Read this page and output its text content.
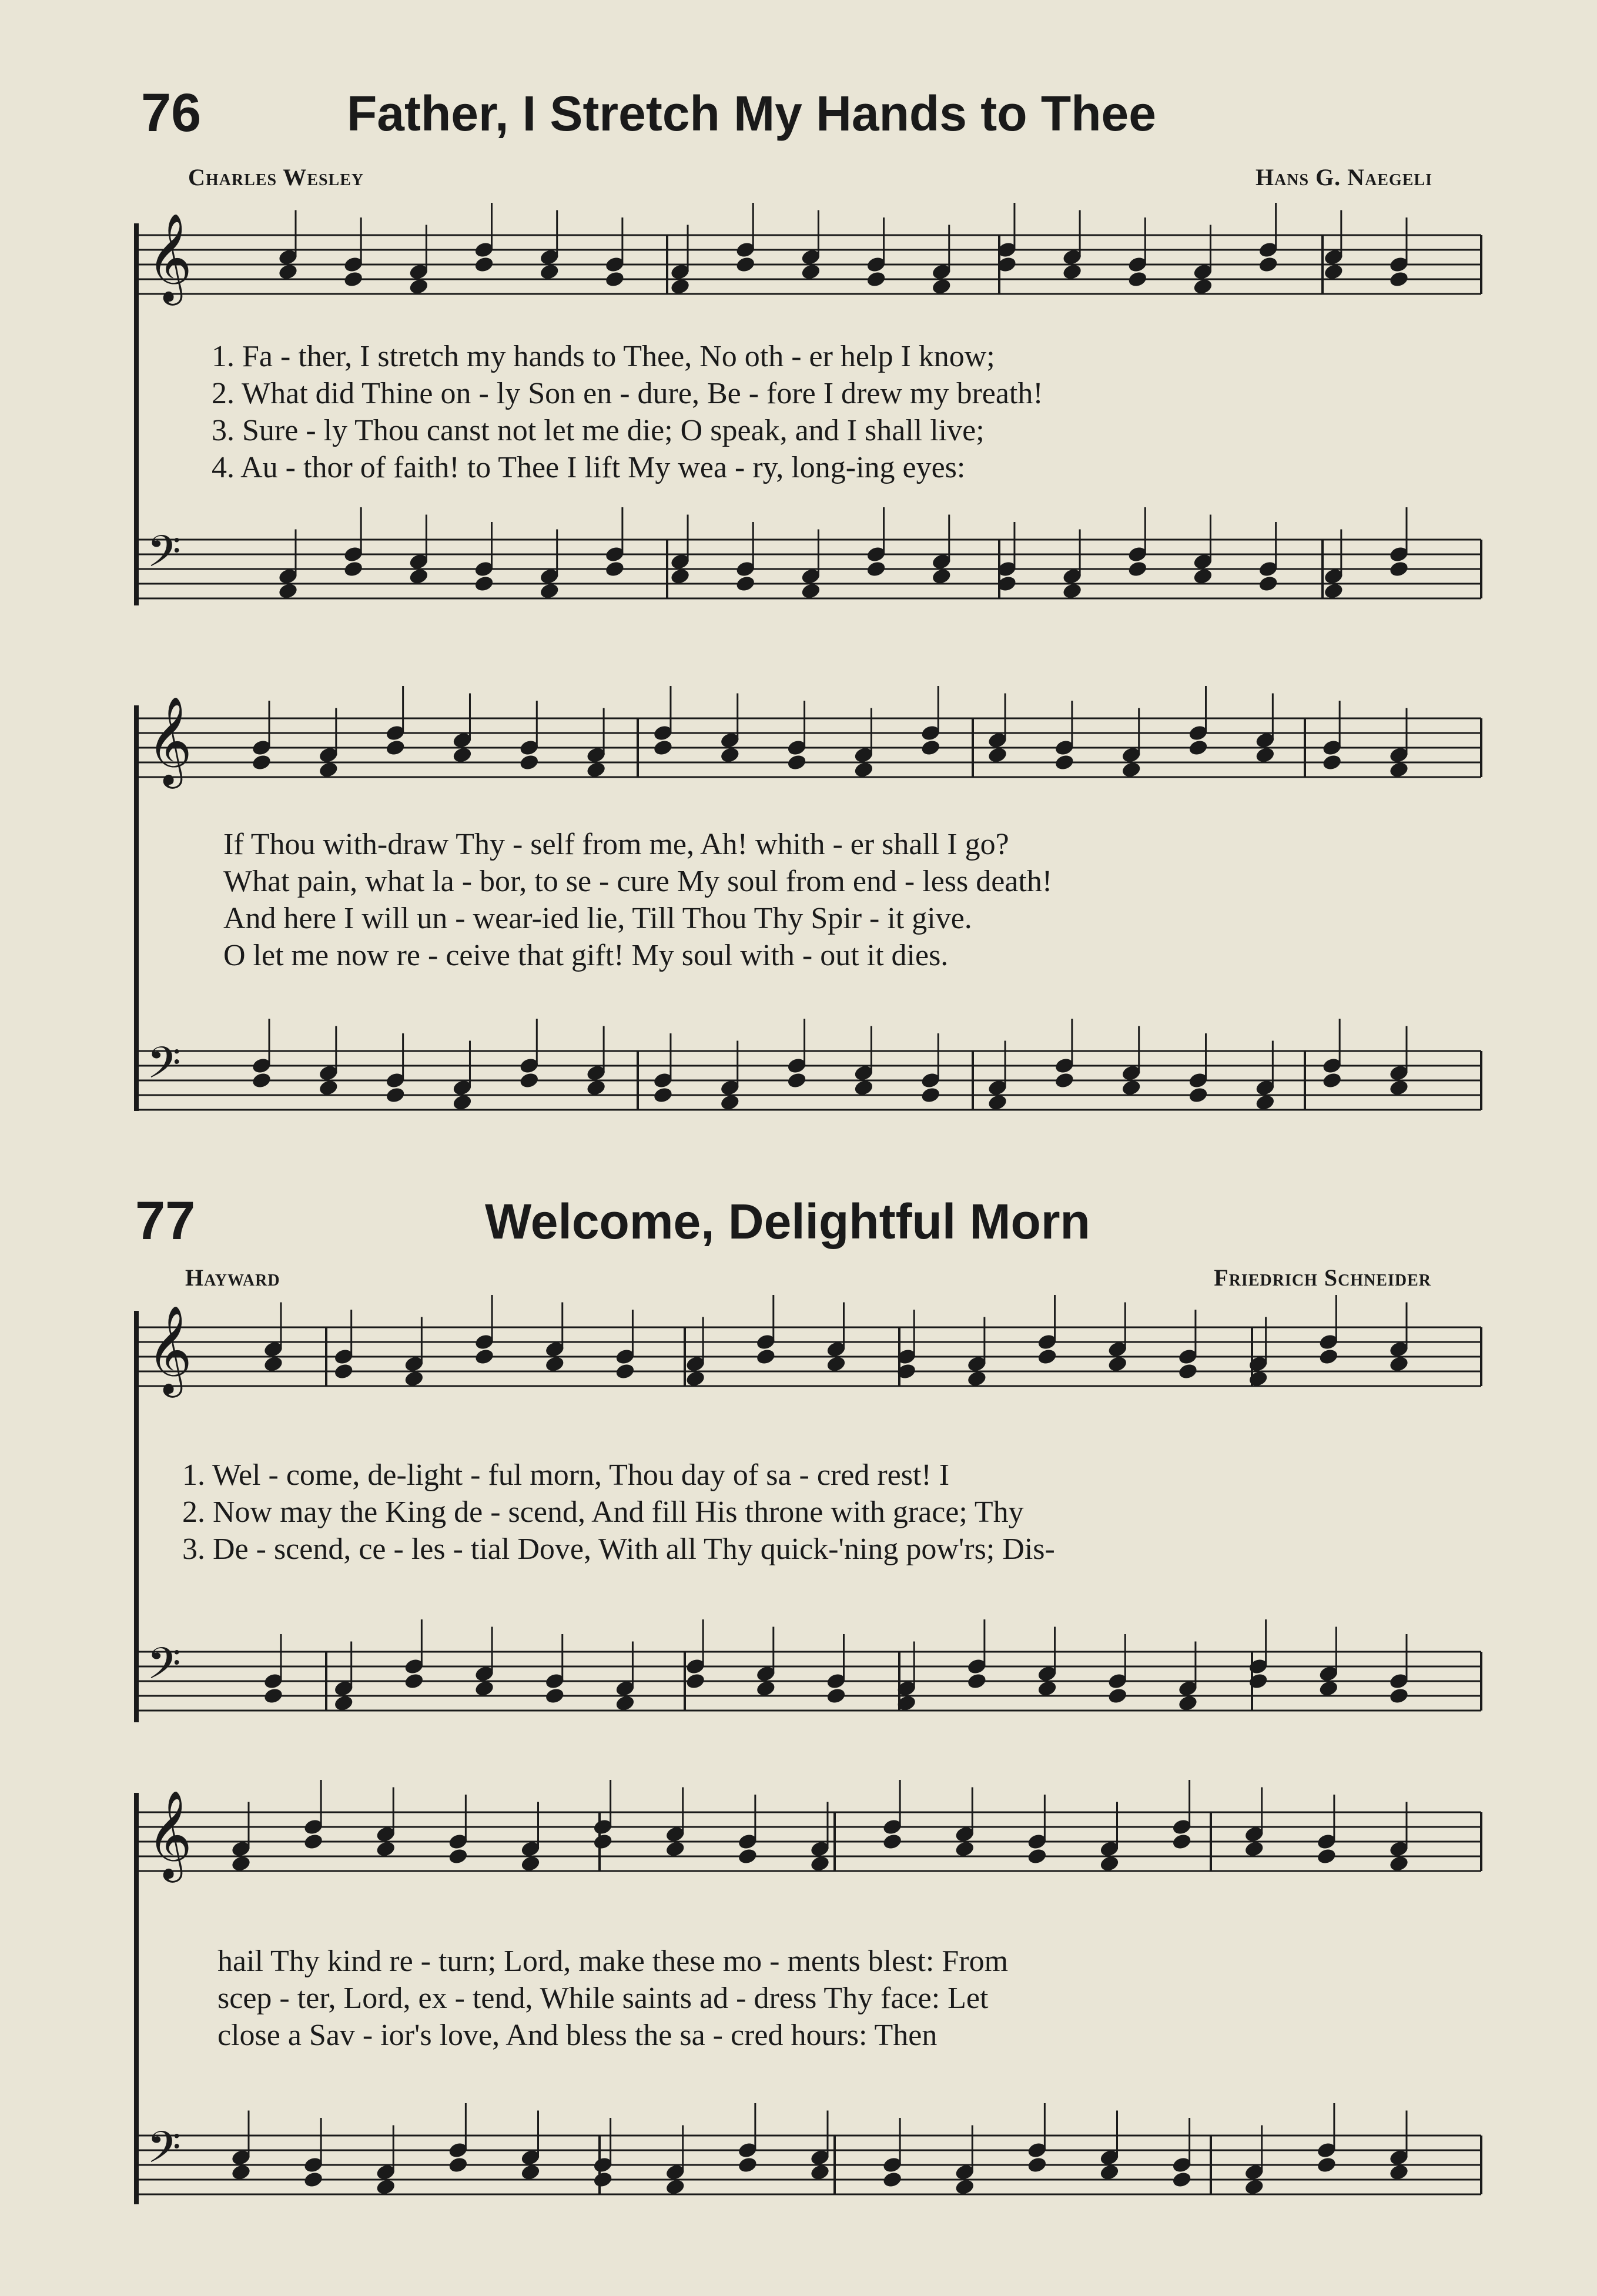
76	Father, I Stretch My Hands to Thee
Charles Wesley	Hans G. Naegeli
77	Welcome, Delightful Morn
Hayward	Friedrich Schneider
𝄞
𝄢
𝄞
𝄢
𝄞
𝄢
𝄞
𝄢
1. Fa - ther, I stretch my hands to Thee, No oth - er help I know;
2. What did Thine on - ly Son en - dure, Be - fore I drew my breath!
3. Sure - ly Thou canst not let me die; O speak, and I shall live;
4. Au - thor of faith! to Thee I lift My wea - ry, long-ing eyes:
If Thou with-draw Thy - self from me, Ah! whith - er shall I go?
What pain, what la - bor, to se - cure My soul from end - less death!
And here I will un - wear-ied lie, Till Thou Thy Spir - it give.
O let me now re - ceive that gift! My soul with - out it dies.
1. Wel - come, de-light - ful morn, Thou day of sa - cred rest! I
2. Now may the King de - scend, And fill His throne with grace; Thy
3. De - scend, ce - les - tial Dove, With all Thy quick-'ning pow'rs; Dis-
hail Thy kind re - turn; Lord, make these mo - ments blest: From
scep - ter, Lord, ex - tend, While saints ad - dress Thy face: Let
close a Sav - ior's love, And bless the sa - cred hours: Then
